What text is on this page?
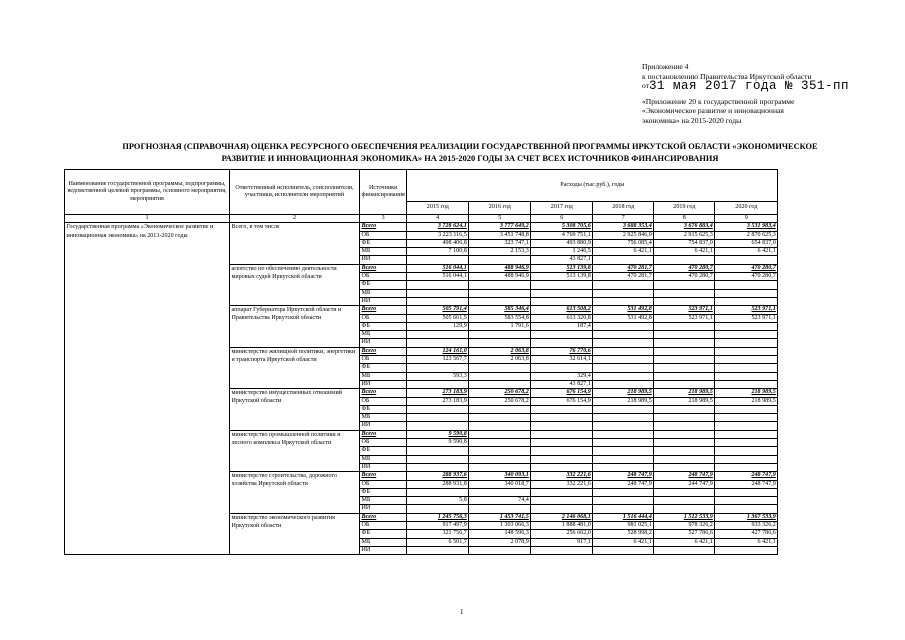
Приложение 4
к постановлению Правительства Иркутской области
от31 мая 2017 года № 351-пп
«Приложение 20 к государственной программе
«Экономическое развитие и инновационная
экономика» на 2015-2020 годы
ПРОГНОЗНАЯ (СПРАВОЧНАЯ) ОЦЕНКА РЕСУРСНОГО ОБЕСПЕЧЕНИЯ РЕАЛИЗАЦИИ ГОСУДАРСТВЕННОЙ ПРОГРАММЫ ИРКУТСКОЙ ОБЛАСТИ «ЭКОНОМИЧЕСКОЕ
РАЗВИТИЕ И ИННОВАЦИОННАЯ ЭКОНОМИКА» НА 2015-2020 ГОДЫ ЗА СЧЕТ ВСЕХ ИСТОЧНИКОВ ФИНАНСИРОВАНИЯ
Наименование государственной программы, подпрограммы, ведомственной целевой программы, основного мероприятия, мероприятия	Ответственный исполнитель, соисполнители, участники, исполнители мероприятий	Источники финансирования	Расходы (тыс.руб.), годы					
			2015 год	2016 год	2017 год	2018 год	2019 год	2020 год
1	2	3	4	5	6	7	8	9
Государственная программа «Экономическое развитие и инновационная экономика» на 2013-2020 годы	Всего, в том числе	Всего	3 728 624,1	3 777 649,2	5 308 705,6	3 688 353,4	3 676 883,4	3 531 983,4
		ОБ	3 223 116,5	3 451 748,8	4 769 751,1	2 925 846,9	2 915 625,3	2 870 625,3
		ФБ	498 406,8	323 747,1	493 880,9	756 085,4	754 837,0	654 837,0
		МБ	7 100,8	2 153,3	1 246,5	6 421,1	6 421,1	6 421,1
		ИИ			43 827,1			
	агентство по обеспечению деятельности мировых судей Иркутской области	Всего	516 044,1	488 946,9	513 139,8	470 281,7	470 280,7	470 280,7
		ОБ	516 044,1	488 946,9	513 139,8	470 281,7	470 280,7	470 280,7
		ФБ						
		МБ						
		ИИ						
	аппарат Губернатора Иркутской области и Правительства Иркутской области	Всего	505 791,4	585 346,4	613 508,2	531 492,8	523 971,1	523 971,1
		ОБ	505 661,5	583 554,8	613 320,8	531 492,8	523 971,1	523 971,1
		ФБ	129,9	1 791,6	187,4			
		МБ						
		ИИ						
	министерство жилищной политики, энергетики и транспорта Иркутской области	Всего	124 161,0	2 063,8	76 770,6			
		ОБ	123 567,7	2 063,8	32 614,1			
		ФБ						
		МБ	593,3		329,4			
		ИИ			43 827,1			
	министерство имущественных отношений Иркутской области	Всего	273 183,9	250 678,2	676 154,9	218 989,5	218 989,5	218 989,5
		ОБ	273 183,9	250 678,2	676 154,9	218 989,5	218 989,5	218 989,5
		ФБ						
		МБ						
		ИИ						
	министерство промышленной политики и лесного комплекса Иркутской области	Всего	9 590,8					
		ОБ	9 590,8					
		ФБ						
		МБ						
		ИИ						
	министерство строительства, дорожного хозяйства Иркутской области	Всего	288 937,6	340 093,1	332 221,6	248 747,9	248 747,9	248 747,9
		ОБ	288 931,8	340 018,7	332 221,6	248 747,9	244 747,9	248 747,9
		ФБ						
		МБ	5,8	74,4				
		ИИ						
	министерство экономического развития Иркутской области	Всего	1 245 756,3	1 453 741,5	2 146 068,1	1 516 444,4	1 512 533,9	1 367 533,9
		ОБ	917 497,9	1 303 066,3	1 888 481,0	981 025,1	978 326,2	933 326,2
		ФБ	321 756,7	148 596,3	256 662,0	528 998,2	527 786,6	427 786,6
		МБ	6 501,7	2 078,9	917,1	6 421,1	6 421,1	6 421,1
		ИИ						
1
